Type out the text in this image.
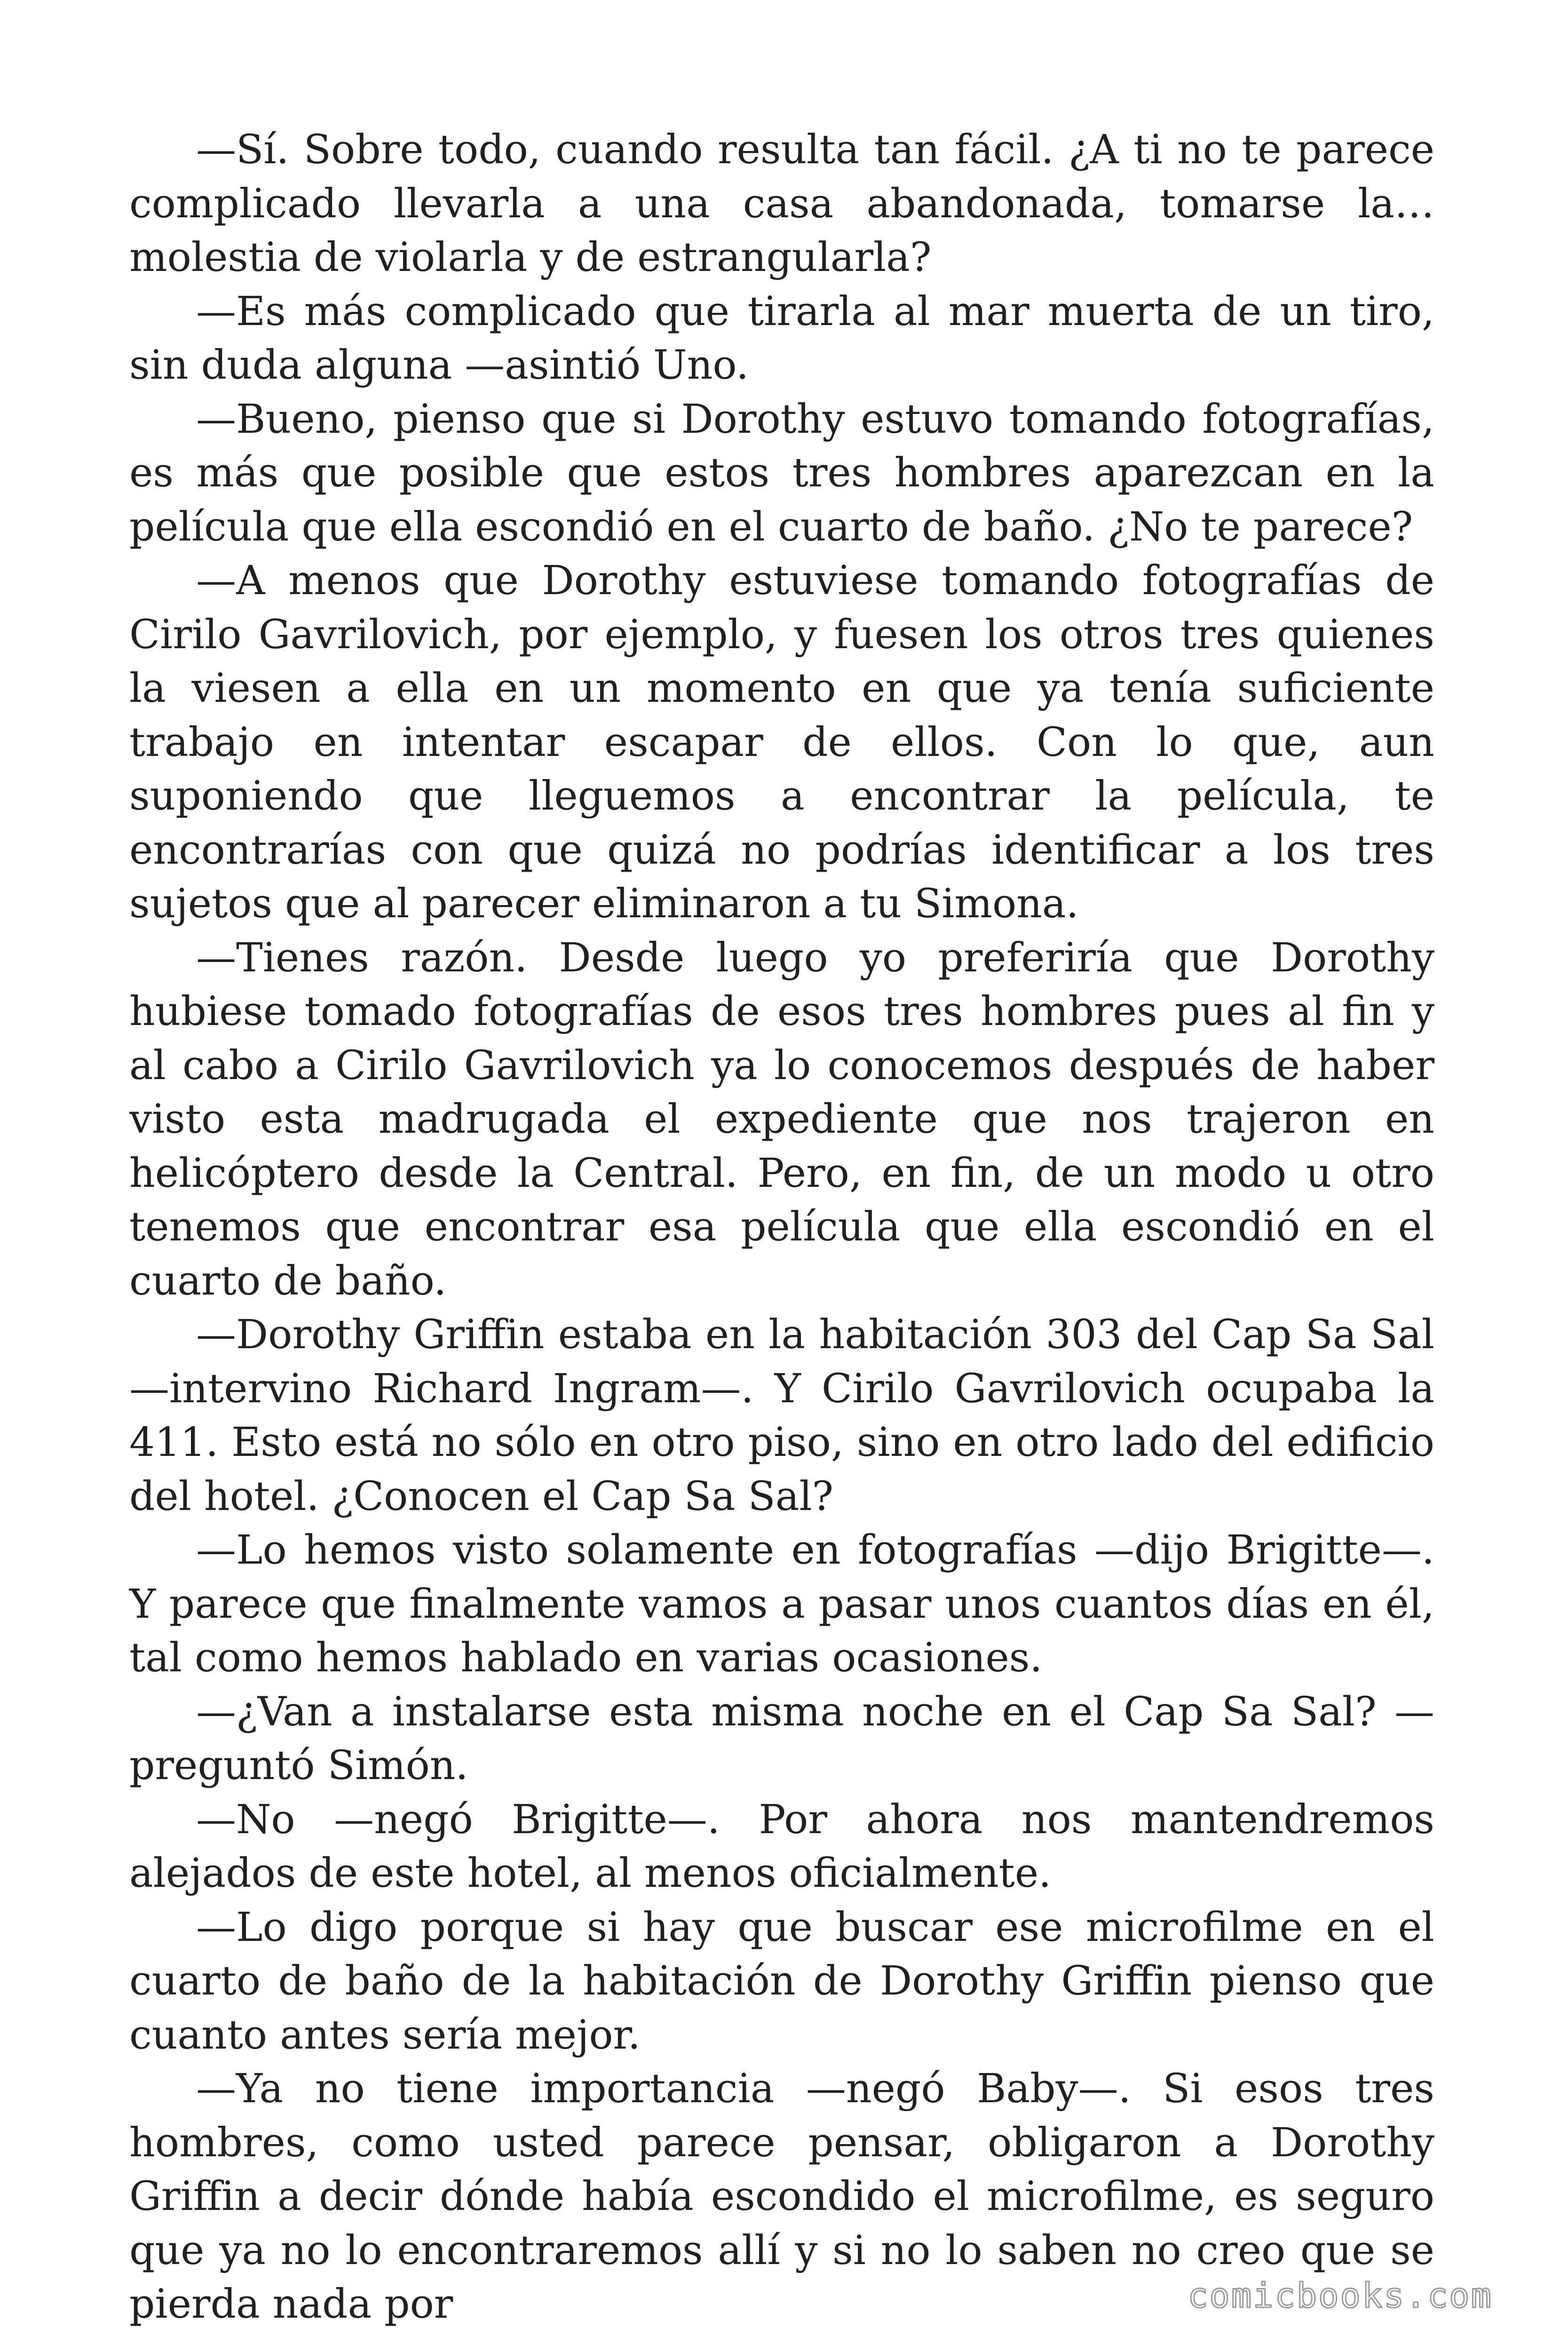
—Sí. Sobre todo, cuando resulta tan fácil. ¿A ti no te parece complicado llevarla a una casa abandonada, tomarse la… molestia de violarla y de estrangularla?

—Es más complicado que tirarla al mar muerta de un tiro, sin duda alguna —asintió Uno.

—Bueno, pienso que si Dorothy estuvo tomando fotografías, es más que posible que estos tres hombres aparezcan en la película que ella escondió en el cuarto de baño. ¿No te parece?

—A menos que Dorothy estuviese tomando fotografías de Cirilo Gavrilovich, por ejemplo, y fuesen los otros tres quienes la viesen a ella en un momento en que ya tenía suficiente trabajo en intentar escapar de ellos. Con lo que, aun suponiendo que lleguemos a encontrar la película, te encontrarías con que quizá no podrías identificar a los tres sujetos que al parecer eliminaron a tu Simona.

—Tienes razón. Desde luego yo preferiría que Dorothy hubiese tomado fotografías de esos tres hombres pues al fin y al cabo a Cirilo Gavrilovich ya lo conocemos después de haber visto esta madrugada el expediente que nos trajeron en helicóptero desde la Central. Pero, en fin, de un modo u otro tenemos que encontrar esa película que ella escondió en el cuarto de baño.

—Dorothy Griffin estaba en la habitación 303 del Cap Sa Sal —intervino Richard Ingram—. Y Cirilo Gavrilovich ocupaba la 411. Esto está no sólo en otro piso, sino en otro lado del edificio del hotel. ¿Conocen el Cap Sa Sal?

—Lo hemos visto solamente en fotografías —dijo Brigitte—. Y parece que finalmente vamos a pasar unos cuantos días en él, tal como hemos hablado en varias ocasiones.

—¿Van a instalarse esta misma noche en el Cap Sa Sal? —preguntó Simón.

—No —negó Brigitte—. Por ahora nos mantendremos alejados de este hotel, al menos oficialmente.

—Lo digo porque si hay que buscar ese microfilme en el cuarto de baño de la habitación de Dorothy Griffin pienso que cuanto antes sería mejor.

—Ya no tiene importancia —negó Baby—. Si esos tres hombres, como usted parece pensar, obligaron a Dorothy Griffin a decir dónde había escondido el microfilme, es seguro que ya no lo encontraremos allí y si no lo saben no creo que se pierda nada por	comicbooks.com
